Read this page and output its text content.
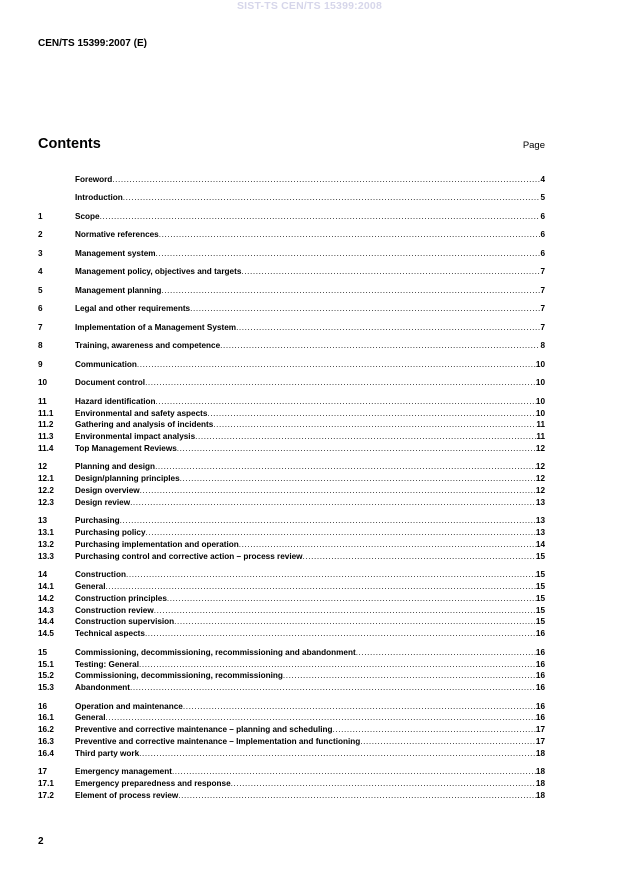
SIST-TS CEN/TS 15399:2008
CEN/TS 15399:2007 (E)
Contents	Page
Foreword .....	4
Introduction .....	5
1	Scope .....	6
2	Normative references .....	6
3	Management system .....	6
4	Management policy, objectives and targets .....	7
5	Management planning .....	7
6	Legal and other requirements .....	7
7	Implementation of a Management System .....	7
8	Training, awareness and competence .....	8
9	Communication .....	10
10	Document control .....	10
11	Hazard identification .....	10
11.1	Environmental and safety aspects .....	10
11.2	Gathering and analysis of incidents .....	11
11.3	Environmental impact analysis .....	11
11.4	Top Management Reviews .....	12
12	Planning and design .....	12
12.1	Design/planning principles .....	12
12.2	Design overview .....	12
12.3	Design review .....	13
13	Purchasing .....	13
13.1	Purchasing policy .....	13
13.2	Purchasing implementation and operation .....	14
13.3	Purchasing control and corrective action – process review .....	15
14	Construction .....	15
14.1	General .....	15
14.2	Construction principles .....	15
14.3	Construction review .....	15
14.4	Construction supervision .....	15
14.5	Technical aspects .....	16
15	Commissioning, decommissioning, recommissioning and abandonment .....	16
15.1	Testing: General .....	16
15.2	Commissioning, decommissioning, recommissioning .....	16
15.3	Abandonment .....	16
16	Operation and maintenance .....	16
16.1	General .....	16
16.2	Preventive and corrective maintenance – planning and scheduling .....	17
16.3	Preventive and corrective maintenance – Implementation and functioning .....	17
16.4	Third party work .....	18
17	Emergency management .....	18
17.1	Emergency preparedness and response .....	18
17.2	Element of process review .....	18
2
